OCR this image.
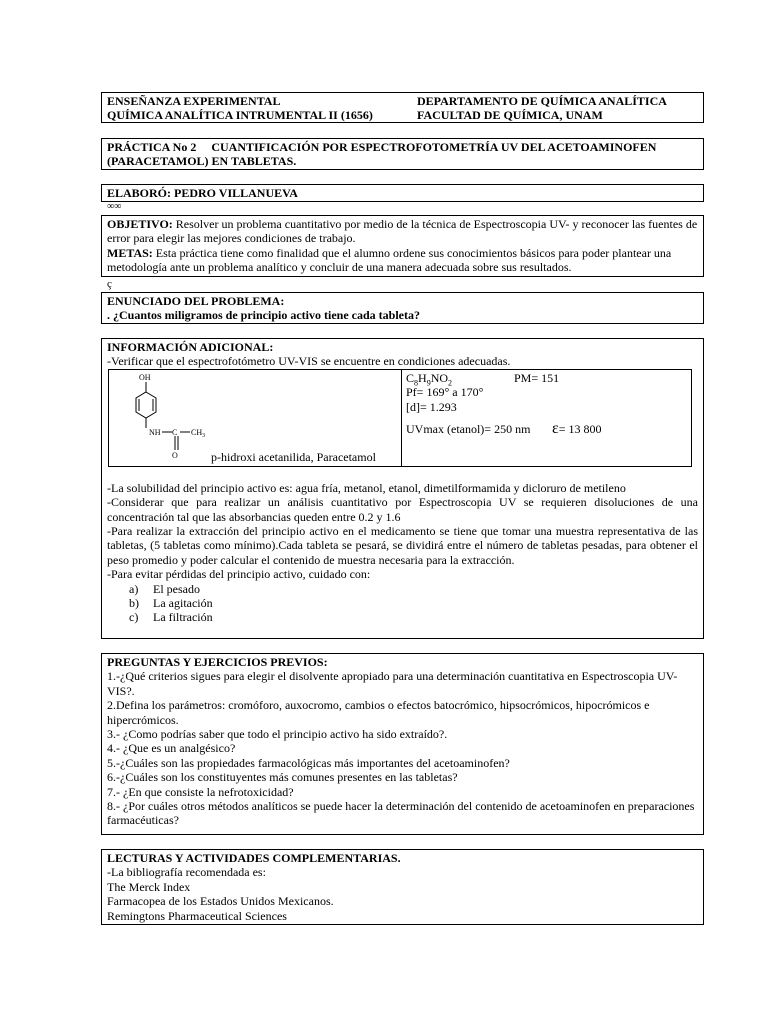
ENSEÑANZA EXPERIMENTAL	DEPARTAMENTO DE QUÍMICA ANALÍTICA
QUÍMICA ANALÍTICA INTRUMENTAL II (1656)	FACULTAD DE QUÍMICA, UNAM
PRÁCTICA No 2     CUANTIFICACIÓN POR ESPECTROFOTOMETRÍA UV DEL ACETOAMINOFEN
(PARACETAMOL) EN TABLETAS.
ELABORÓ: PEDRO VILLANUEVA
∞∞
OBJETIVO: Resolver un problema cuantitativo por medio de la técnica de Espectroscopia UV- y reconocer las fuentes de error para elegir las mejores condiciones de trabajo.
METAS: Esta práctica tiene como finalidad que el alumno ordene sus conocimientos básicos para poder plantear una metodología ante un problema analítico y concluir de una manera adecuada sobre sus resultados.
ç
ENUNCIADO DEL PROBLEMA:
. ¿Cuantos miligramos de principio activo tiene cada tableta?
INFORMACIÓN ADICIONAL:
-Verificar que el espectrofotómetro UV-VIS se encuentre en condiciones adecuadas.
OH
NH C CH 3
O	p-hidroxi acetanilida, Paracetamol
$C_8H_9NO_2$	PM= 151
Pf= 169° a 170°
[d]= 1.293
UVmax (etanol)= 250 nm	ε = 13 800
-La solubilidad del principio activo es: agua fría, metanol, etanol, dimetilformamida y dicloruro de metileno
-Considerar que para realizar un análisis cuantitativo por Espectroscopia UV se requieren disoluciones de una concentración tal que las absorbancias queden entre 0.2 y 1.6
-Para realizar la extracción del principio activo en el medicamento se tiene que tomar una muestra representativa de las tabletas, (5 tabletas como mínimo).Cada tableta se pesará, se dividirá entre el número de tabletas pesadas, para obtener el peso promedio y poder calcular el contenido de muestra necesaria para la extracción.
-Para evitar pérdidas del principio activo, cuidado con:
a)	El pesado
b)	La agitación
c)	La filtración
PREGUNTAS Y EJERCICIOS PREVIOS:
1.-¿Qué criterios sigues para elegir el disolvente apropiado para una determinación cuantitativa en Espectroscopia UV-VIS?.
2.Defina los parámetros: cromóforo, auxocromo, cambios o efectos batocrómico, hipsocrómicos, hipocrómicos e hipercrómicos.
3.- ¿Como podrías saber que todo el principio activo ha sido extraído?.
4.- ¿Que es un analgésico?
5.-¿Cuáles son las propiedades farmacológicas más importantes del acetoaminofen?
6.-¿Cuáles son los constituyentes más comunes presentes en las tabletas?
7.- ¿En que consiste la nefrotoxicidad?
8.- ¿Por cuáles otros métodos analíticos se puede hacer la determinación del contenido de acetoaminofen en preparaciones farmacéuticas?
LECTURAS Y ACTIVIDADES COMPLEMENTARIAS.
-La bibliografía recomendada es:
The Merck Index
Farmacopea de los Estados Unidos Mexicanos.
Remingtons Pharmaceutical Sciences
